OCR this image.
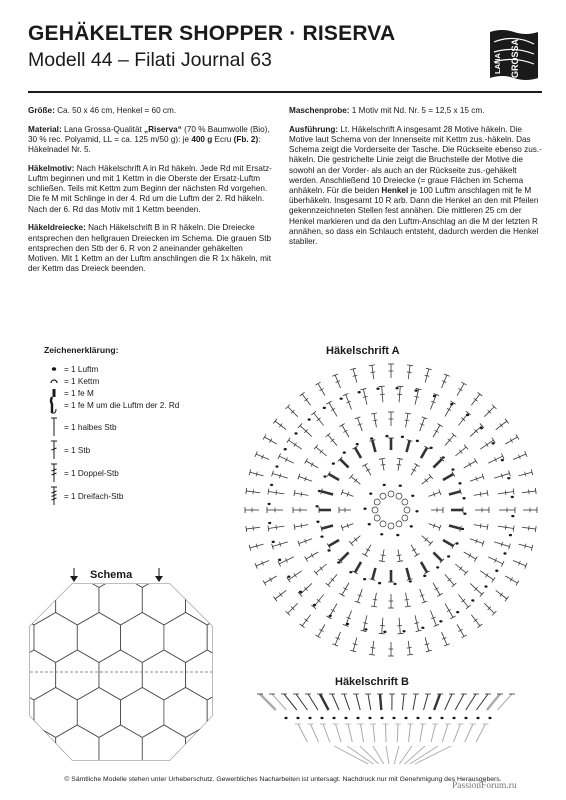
GEHÄKELTER SHOPPER · RISERVA
Modell 44 – Filati Journal 63	LANA GROSSA

Größe: Ca. 50 x 46 cm, Henkel = 60 cm.

Material: Lana Grossa-Qualität „Riserva“ (70 % Baumwolle (Bio), 30 % rec. Polyamid, LL = ca. 125 m/50 g): je 400 g Ecru (Fb. 2): Häkelnadel Nr. 5.

Häkelmotiv: Nach Häkelschrift A in Rd häkeln. Jede Rd mit Ersatz-Luftm beginnen und mit 1 Kettm in die Oberste der Ersatz-Luftm schließen. Teils mit Kettm zum Beginn der nächsten Rd vorgehen. Die fe M mit Schlinge in der 4. Rd um die Luftm der 2. Rd häkeln. Nach der 6. Rd das Motiv mit 1 Kettm beenden.

Häkeldreiecke: Nach Häkelschrift B in R häkeln. Die Dreiecke entsprechen den hellgrauen Dreiecken im Schema. Die grauen Stb entsprechen den Stb der 6. R von 2 aneinander gehäkelten Motiven. Mit 1 Kettm an der Luftm anschlingen die R 1x häkeln, mit der Kettm das Dreieck beenden.

Maschenprobe: 1 Motiv mit Nd. Nr. 5 = 12,5 x 15 cm.

Ausführung: Lt. Häkelschrift A insgesamt 28 Motive häkeln. Die Motive laut Schema von der Innenseite mit Kettm zus.-häkeln. Das Schema zeigt die Vorderseite der Tasche. Die Rückseite ebenso zus.-häkeln. Die gestrichelte Linie zeigt die Bruchstelle der Motive die sowohl an der Vorder- als auch an der Rückseite zus.-gehäkelt werden. Anschließend 10 Dreiecke (= graue Flächen im Schema anhäkeln. Für die beiden Henkel je 100 Luftm anschlagen mit fe M überhäkeln. Insgesamt 10 R arb. Dann die Henkel an den mit Pfeilen gekennzeichneten Stellen fest annähen. Die mittleren 25 cm der Henkel markieren und da den Luftm-Anschlag an die M der letzten R annähen, so dass ein Schlauch entsteht, dadurch werden die Henkel stabiler.

Zeichenerklärung:
= 1 Luftm
= 1 Kettm
= 1 fe M
= 1 fe M um die Luftm der 2. Rd
= 1 halbes Stb
= 1 Stb
= 1 Doppel-Stb
= 1 Dreifach-Stb
Häkelschrift A
Schema
Häkelschrift B
© Sämtliche Modelle stehen unter Urheberschutz. Gewerbliches Nacharbeiten ist untersagt. Nachdruck nur mit Genehmigung des Herausgebers.
PassionForum.ru
